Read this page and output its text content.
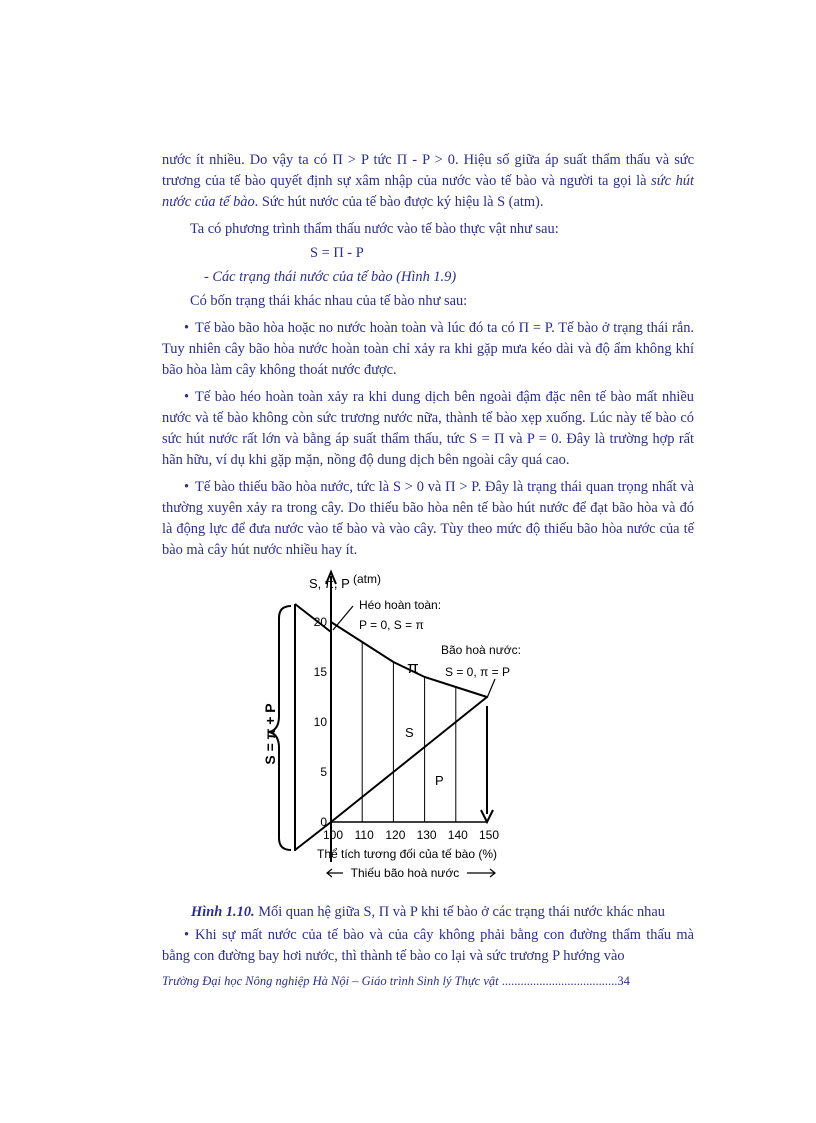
nước ít nhiều. Do vậy ta có Π > P tức Π - P > 0. Hiệu số giữa áp suất thẩm thấu và sức trương của tế bào quyết định sự xâm nhập của nước vào tế bào và người ta gọi là sức hút nước của tế bào. Sức hút nước của tế bào được ký hiệu là S (atm).

Ta có phương trình thẩm thấu nước vào tế bào thực vật như sau:

S = Π - P

- Các trạng thái nước của tế bào (Hình 1.9)

Có bốn trạng thái khác nhau của tế bào như sau:

• Tế bào bão hòa hoặc no nước hoàn toàn và lúc đó ta có Π = P. Tế bào ở trạng thái rắn. Tuy nhiên cây bão hòa nước hoàn toàn chỉ xảy ra khi gặp mưa kéo dài và độ ẩm không khí bão hòa làm cây không thoát nước được.

• Tế bào héo hoàn toàn xảy ra khi dung dịch bên ngoài đậm đặc nên tế bào mất nhiều nước và tế bào không còn sức trương nước nữa, thành tế bào xẹp xuống. Lúc này tế bào có sức hút nước rất lớn và bằng áp suất thẩm thấu, tức S = Π và P = 0. Đây là trường hợp rất hãn hữu, ví dụ khi gặp mặn, nồng độ dung dịch bên ngoài cây quá cao.

• Tế bào thiếu bão hòa nước, tức là S > 0 và Π > P. Đây là trạng thái quan trọng nhất và thường xuyên xảy ra trong cây. Do thiếu bão hòa nên tế bào hút nước để đạt bão hòa và đó là động lực để đưa nước vào tế bào và vào cây. Tùy theo mức độ thiếu bão hòa nước của tế bào mà cây hút nước nhiều hay ít.

S = π + P
S, π, P (atm)
0
5
10
15
20
100 110 120 130 140 150
Héo hoàn toàn:
P = 0, S = π
Bão hoà nước:
S = 0, π = P
π
S
P
Thể tích tương đối của tế bào (%)
Thiếu bão hoà nước
Hình 1.10. Mối quan hệ giữa S, Π và P khi tế bào ở các trạng thái nước khác nhau

• Khi sự mất nước của tế bào và của cây không phải bằng con đường thẩm thấu mà bằng con đường bay hơi nước, thì thành tế bào co lại và sức trương P hướng vào

Trường Đại học Nông nghiệp Hà Nội – Giáo trình Sinh lý Thực vật .....................................34
